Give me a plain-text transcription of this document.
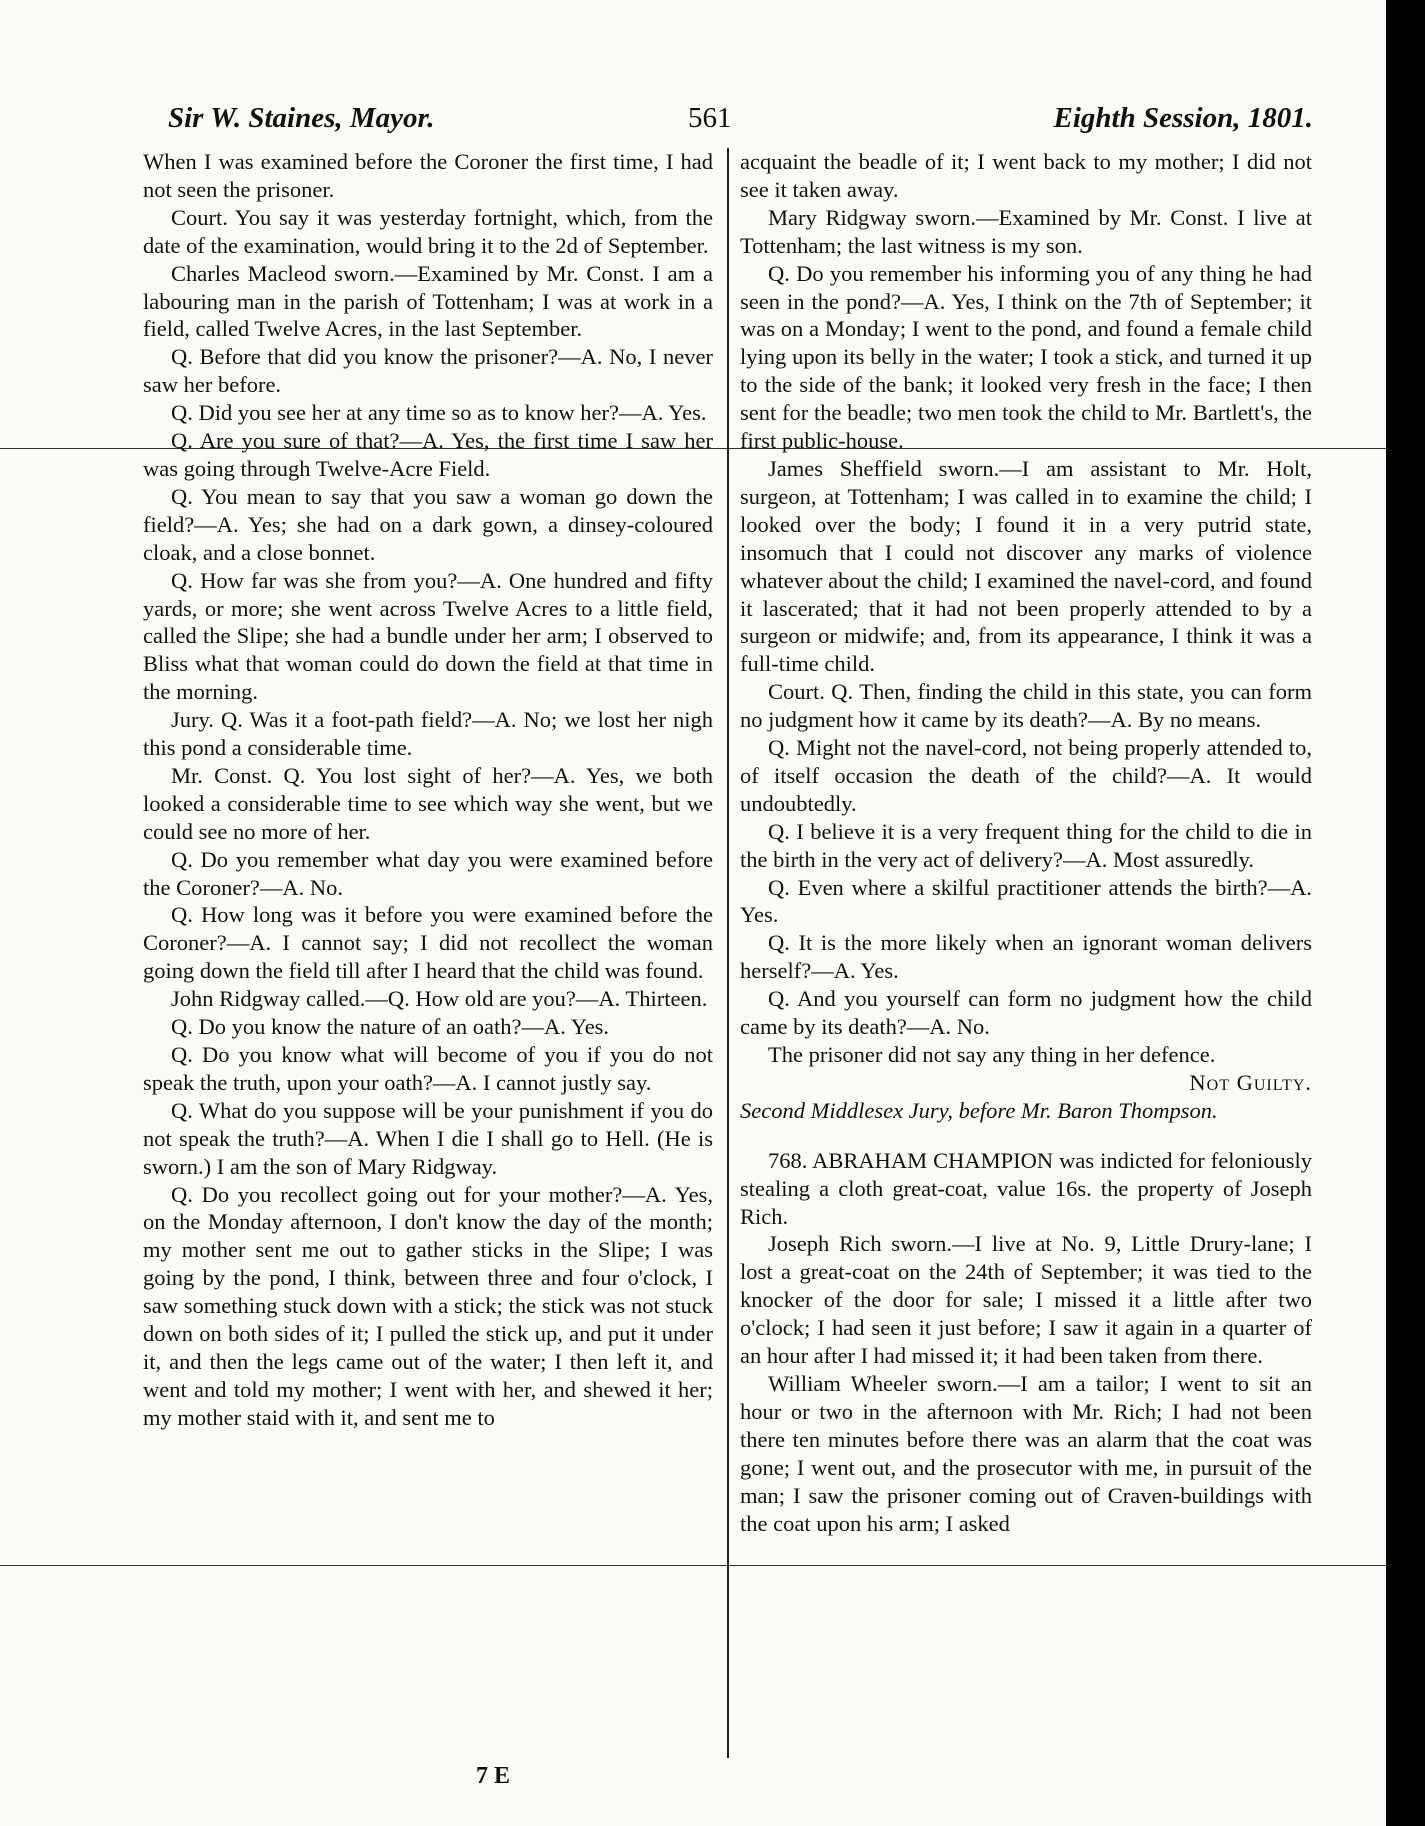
Sir W. Staines, Mayor.	561	Eighth Session, 1801.

When I was examined before the Coroner the first time, I had not seen the prisoner.

Court. You say it was yesterday fortnight, which, from the date of the examination, would bring it to the 2d of September.

Charles Macleod sworn.—Examined by Mr. Const. I am a labouring man in the parish of Tottenham; I was at work in a field, called Twelve Acres, in the last September.

Q. Before that did you know the prisoner?—A. No, I never saw her before.

Q. Did you see her at any time so as to know her?—A. Yes.

Q. Are you sure of that?—A. Yes, the first time I saw her was going through Twelve-Acre Field.

Q. You mean to say that you saw a woman go down the field?—A. Yes; she had on a dark gown, a dinsey-coloured cloak, and a close bonnet.

Q. How far was she from you?—A. One hundred and fifty yards, or more; she went across Twelve Acres to a little field, called the Slipe; she had a bundle under her arm; I observed to Bliss what that woman could do down the field at that time in the morning.

Jury. Q. Was it a foot-path field?—A. No; we lost her nigh this pond a considerable time.

Mr. Const. Q. You lost sight of her?—A. Yes, we both looked a considerable time to see which way she went, but we could see no more of her.

Q. Do you remember what day you were examined before the Coroner?—A. No.

Q. How long was it before you were examined before the Coroner?—A. I cannot say; I did not recollect the woman going down the field till after I heard that the child was found.

John Ridgway called.—Q. How old are you?—A. Thirteen.

Q. Do you know the nature of an oath?—A. Yes.

Q. Do you know what will become of you if you do not speak the truth, upon your oath?—A. I cannot justly say.

Q. What do you suppose will be your punishment if you do not speak the truth?—A. When I die I shall go to Hell. (He is sworn.) I am the son of Mary Ridgway.

Q. Do you recollect going out for your mother?—A. Yes, on the Monday afternoon, I don't know the day of the month; my mother sent me out to gather sticks in the Slipe; I was going by the pond, I think, between three and four o'clock, I saw something stuck down with a stick; the stick was not stuck down on both sides of it; I pulled the stick up, and put it under it, and then the legs came out of the water; I then left it, and went and told my mother; I went with her, and shewed it her; my mother staid with it, and sent me to

acquaint the beadle of it; I went back to my mother; I did not see it taken away.

Mary Ridgway sworn.—Examined by Mr. Const. I live at Tottenham; the last witness is my son.

Q. Do you remember his informing you of any thing he had seen in the pond?—A. Yes, I think on the 7th of September; it was on a Monday; I went to the pond, and found a female child lying upon its belly in the water; I took a stick, and turned it up to the side of the bank; it looked very fresh in the face; I then sent for the beadle; two men took the child to Mr. Bartlett's, the first public-house.

James Sheffield sworn.—I am assistant to Mr. Holt, surgeon, at Tottenham; I was called in to examine the child; I looked over the body; I found it in a very putrid state, insomuch that I could not discover any marks of violence whatever about the child; I examined the navel-cord, and found it lascerated; that it had not been properly attended to by a surgeon or midwife; and, from its appearance, I think it was a full-time child.

Court. Q. Then, finding the child in this state, you can form no judgment how it came by its death?—A. By no means.

Q. Might not the navel-cord, not being properly attended to, of itself occasion the death of the child?—A. It would undoubtedly.

Q. I believe it is a very frequent thing for the child to die in the birth in the very act of delivery?—A. Most assuredly.

Q. Even where a skilful practitioner attends the birth?—A. Yes.

Q. It is the more likely when an ignorant woman delivers herself?—A. Yes.

Q. And you yourself can form no judgment how the child came by its death?—A. No.

The prisoner did not say any thing in her defence.

Not Guilty.

Second Middlesex Jury, before Mr. Baron Thompson.

768. ABRAHAM CHAMPION was indicted for feloniously stealing a cloth great-coat, value 16s. the property of Joseph Rich.

Joseph Rich sworn.—I live at No. 9, Little Drury-lane; I lost a great-coat on the 24th of September; it was tied to the knocker of the door for sale; I missed it a little after two o'clock; I had seen it just before; I saw it again in a quarter of an hour after I had missed it; it had been taken from there.

William Wheeler sworn.—I am a tailor; I went to sit an hour or two in the afternoon with Mr. Rich; I had not been there ten minutes before there was an alarm that the coat was gone; I went out, and the prosecutor with me, in pursuit of the man; I saw the prisoner coming out of Craven-buildings with the coat upon his arm; I asked

7 E
